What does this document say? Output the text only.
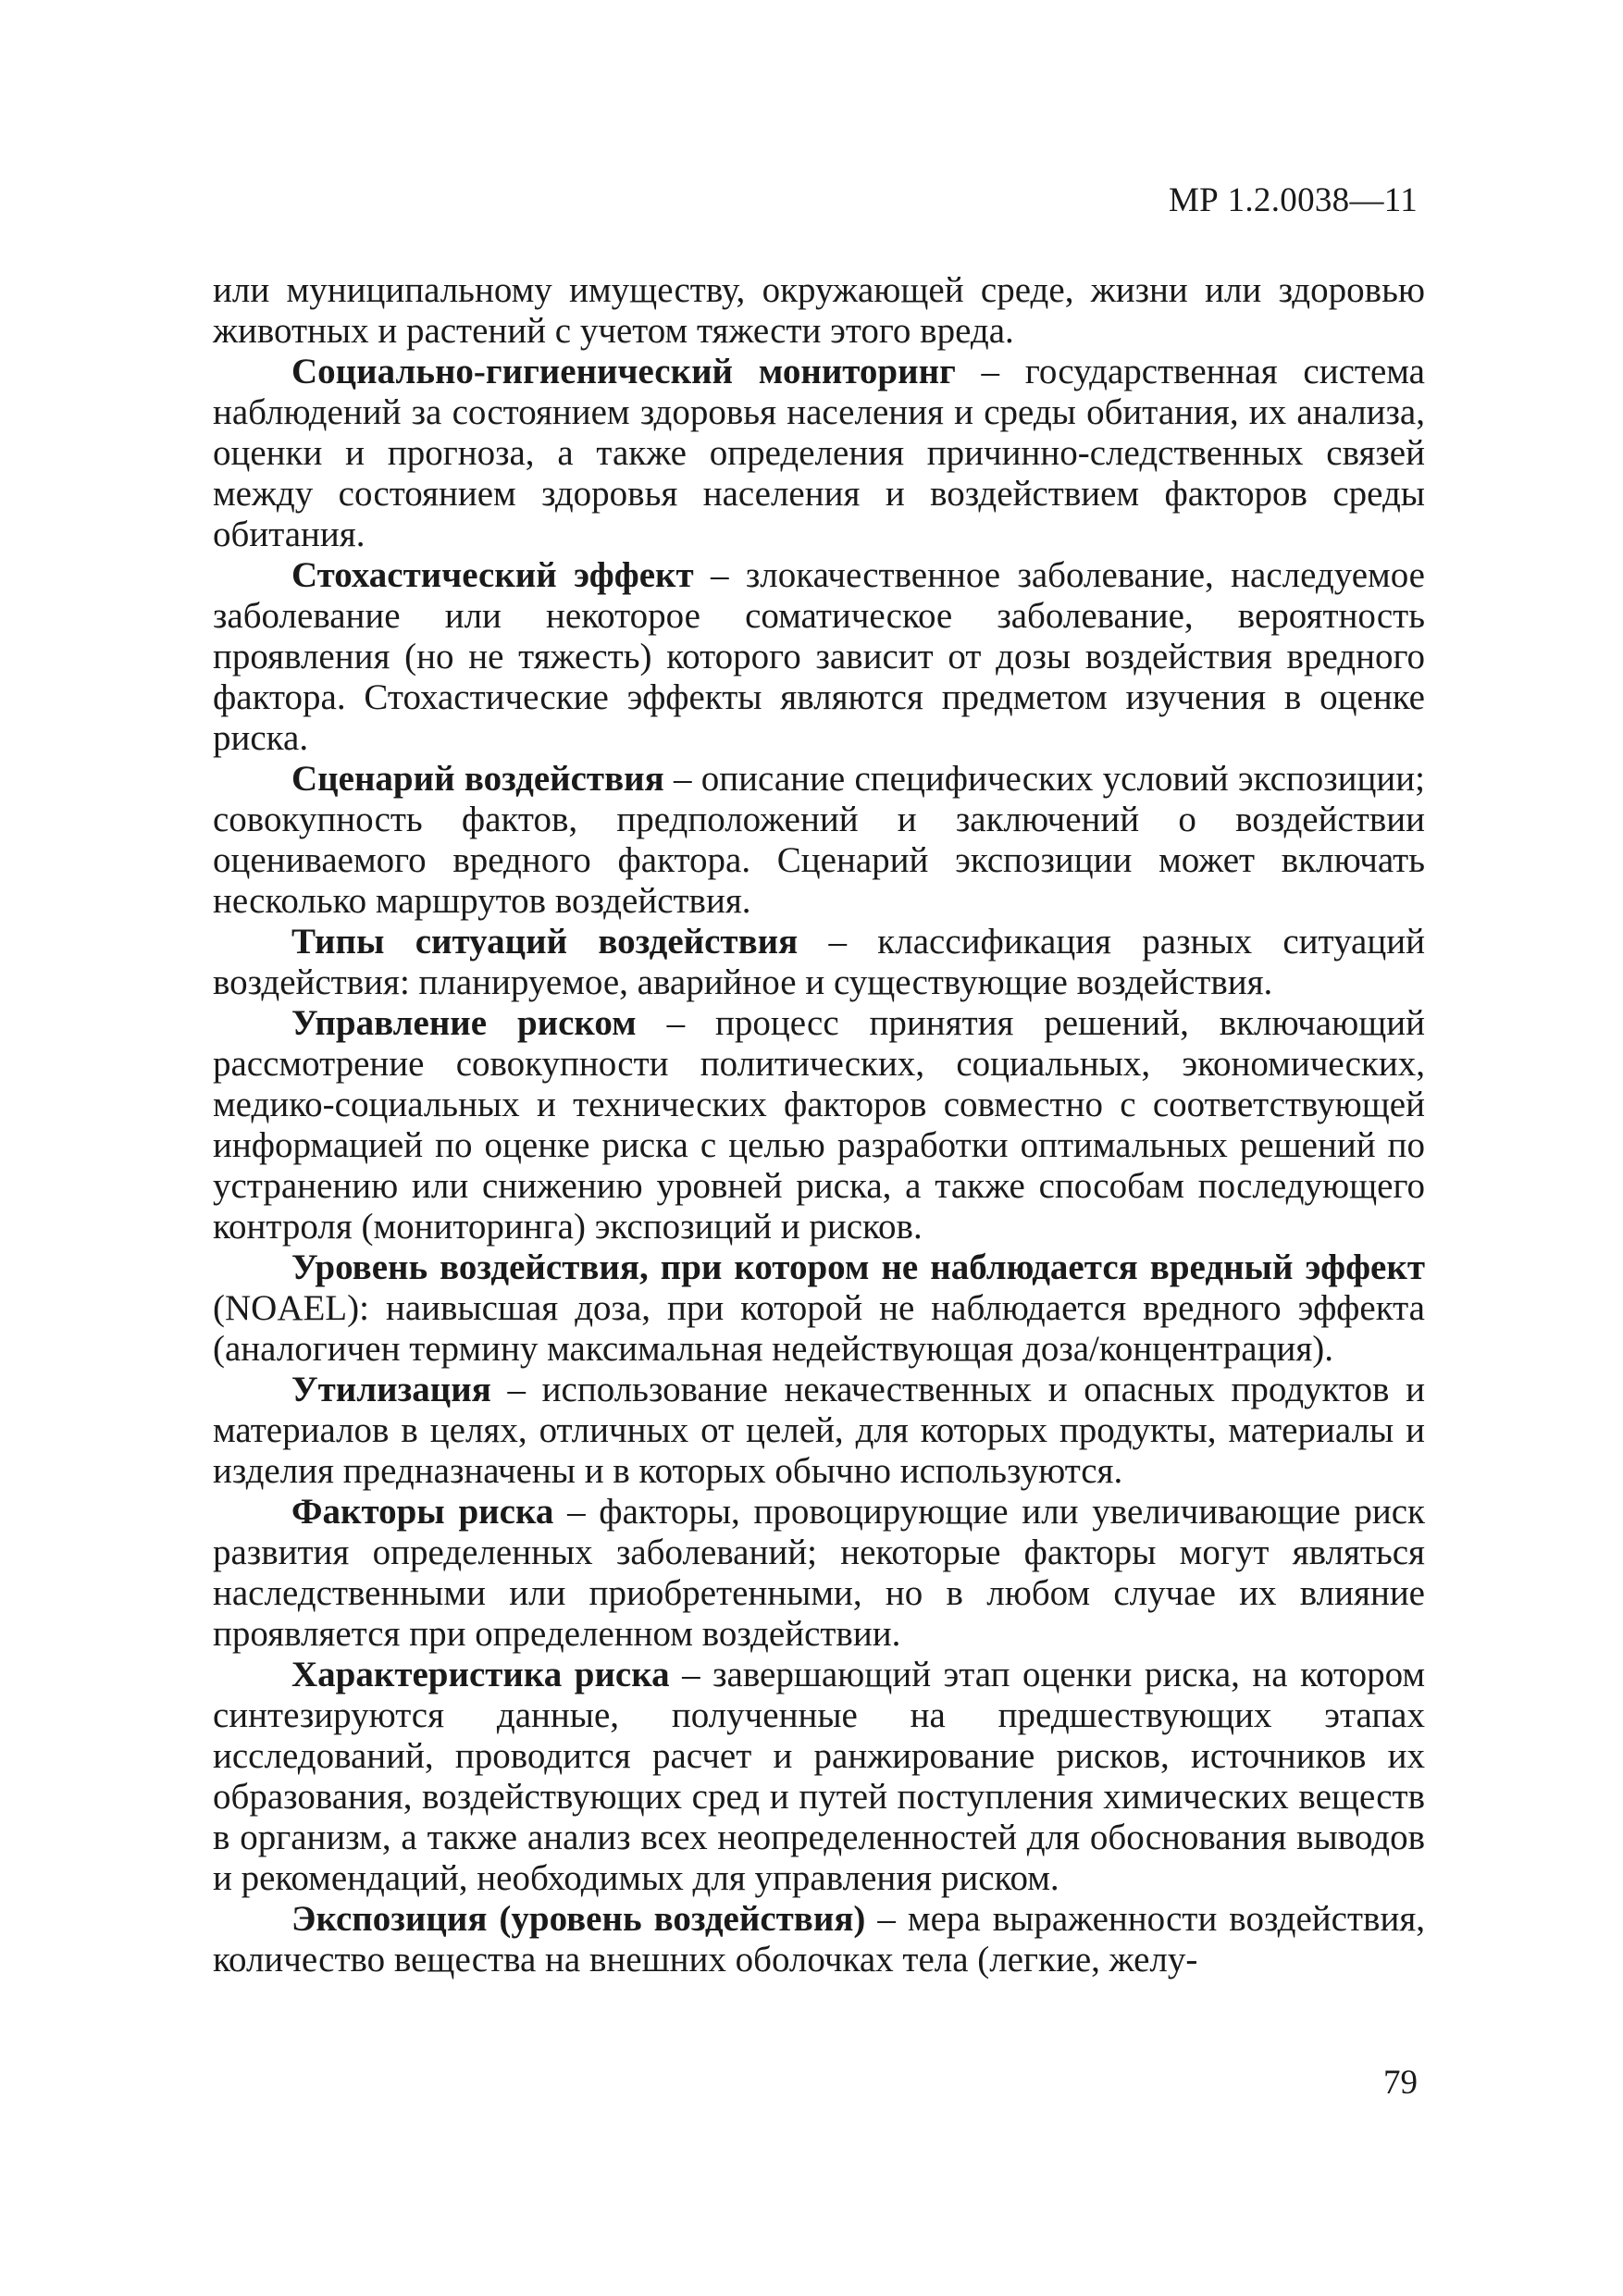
МР 1.2.0038—11

или муниципальному имуществу, окружающей среде, жизни или здоровью животных и растений с учетом тяжести этого вреда.

Социально-гигиенический мониторинг – государственная система наблюдений за состоянием здоровья населения и среды обитания, их анализа, оценки и прогноза, а также определения причинно-следственных связей между состоянием здоровья населения и воздействием факторов среды обитания.

Стохастический эффект – злокачественное заболевание, наследуемое заболевание или некоторое соматическое заболевание, вероятность проявления (но не тяжесть) которого зависит от дозы воздействия вредного фактора. Стохастические эффекты являются предметом изучения в оценке риска.

Сценарий воздействия – описание специфических условий экспозиции; совокупность фактов, предположений и заключений о воздействии оцениваемого вредного фактора. Сценарий экспозиции может включать несколько маршрутов воздействия.

Типы ситуаций воздействия – классификация разных ситуаций воздействия: планируемое, аварийное и существующие воздействия.

Управление риском – процесс принятия решений, включающий рассмотрение совокупности политических, социальных, экономических, медико-социальных и технических факторов совместно с соответствующей информацией по оценке риска с целью разработки оптимальных решений по устранению или снижению уровней риска, а также способам последующего контроля (мониторинга) экспозиций и рисков.

Уровень воздействия, при котором не наблюдается вредный эффект (NOAEL): наивысшая доза, при которой не наблюдается вредного эффекта (аналогичен термину максимальная недействующая доза/концентрация).

Утилизация – использование некачественных и опасных продуктов и материалов в целях, отличных от целей, для которых продукты, материалы и изделия предназначены и в которых обычно используются.

Факторы риска – факторы, провоцирующие или увеличивающие риск развития определенных заболеваний; некоторые факторы могут являться наследственными или приобретенными, но в любом случае их влияние проявляется при определенном воздействии.

Характеристика риска – завершающий этап оценки риска, на котором синтезируются данные, полученные на предшествующих этапах исследований, проводится расчет и ранжирование рисков, источников их образования, воздействующих сред и путей поступления химических веществ в организм, а также анализ всех неопределенностей для обоснования выводов и рекомендаций, необходимых для управления риском.

Экспозиция (уровень воздействия) – мера выраженности воздействия, количество вещества на внешних оболочках тела (легкие, желу-

79
